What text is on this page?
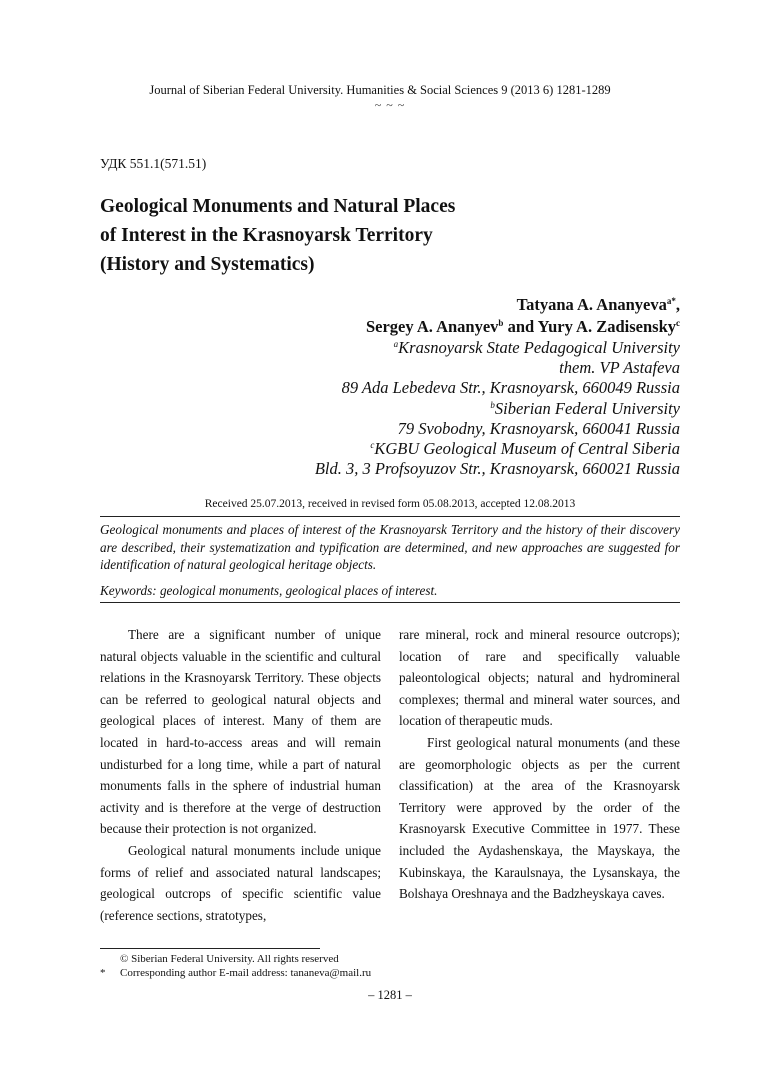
Journal of Siberian Federal University. Humanities & Social Sciences 9 (2013 6) 1281-1289
~ ~ ~
УДК 551.1(571.51)
Geological Monuments and Natural Places
of Interest in the Krasnoyarsk Territory
(History and Systematics)
Tatyana A. Ananyeva$^{a*}$,
Sergey A. Ananyev$^b$ and Yury A. Zadisensky$^c$
$^a$Krasnoyarsk State Pedagogical University
them. VP Astafeva
89 Ada Lebedeva Str., Krasnoyarsk, 660049 Russia
$^b$Siberian Federal University
79 Svobodny, Krasnoyarsk, 660041 Russia
$^c$KGBU Geological Museum of Central Siberia
Bld. 3, 3 Profsoyuzov Str., Krasnoyarsk, 660021 Russia
Received 25.07.2013, received in revised form 05.08.2013, accepted 12.08.2013
Geological monuments and places of interest of the Krasnoyarsk Territory and the history of their discovery are described, their systematization and typification are determined, and new approaches are suggested for identification of natural geological heritage objects.
Keywords: geological monuments, geological places of interest.

There are a significant number of unique natural objects valuable in the scientific and cultural relations in the Krasnoyarsk Territory. These objects can be referred to geological natural objects and geological places of interest. Many of them are located in hard-to-access areas and will remain undisturbed for a long time, while a part of natural monuments falls in the sphere of industrial human activity and is therefore at the verge of destruction because their protection is not organized.

Geological natural monuments include unique forms of relief and associated natural landscapes; geological outcrops of specific scientific value (reference sections, stratotypes,

rare mineral, rock and mineral resource outcrops); location of rare and specifically valuable paleontological objects; natural and hydromineral complexes; thermal and mineral water sources, and location of therapeutic muds.

First geological natural monuments (and these are geomorphologic objects as per the current classification) at the area of the Krasnoyarsk Territory were approved by the order of the Krasnoyarsk Executive Committee in 1977. These included the Aydashenskaya, the Mayskaya, the Kubinskaya, the Karaulsnaya, the Lysanskaya, the Bolshaya Oreshnaya and the Badzheyskaya caves.

© Siberian Federal University. All rights reserved
* Corresponding author E-mail address: tananeva@mail.ru
– 1281 –
